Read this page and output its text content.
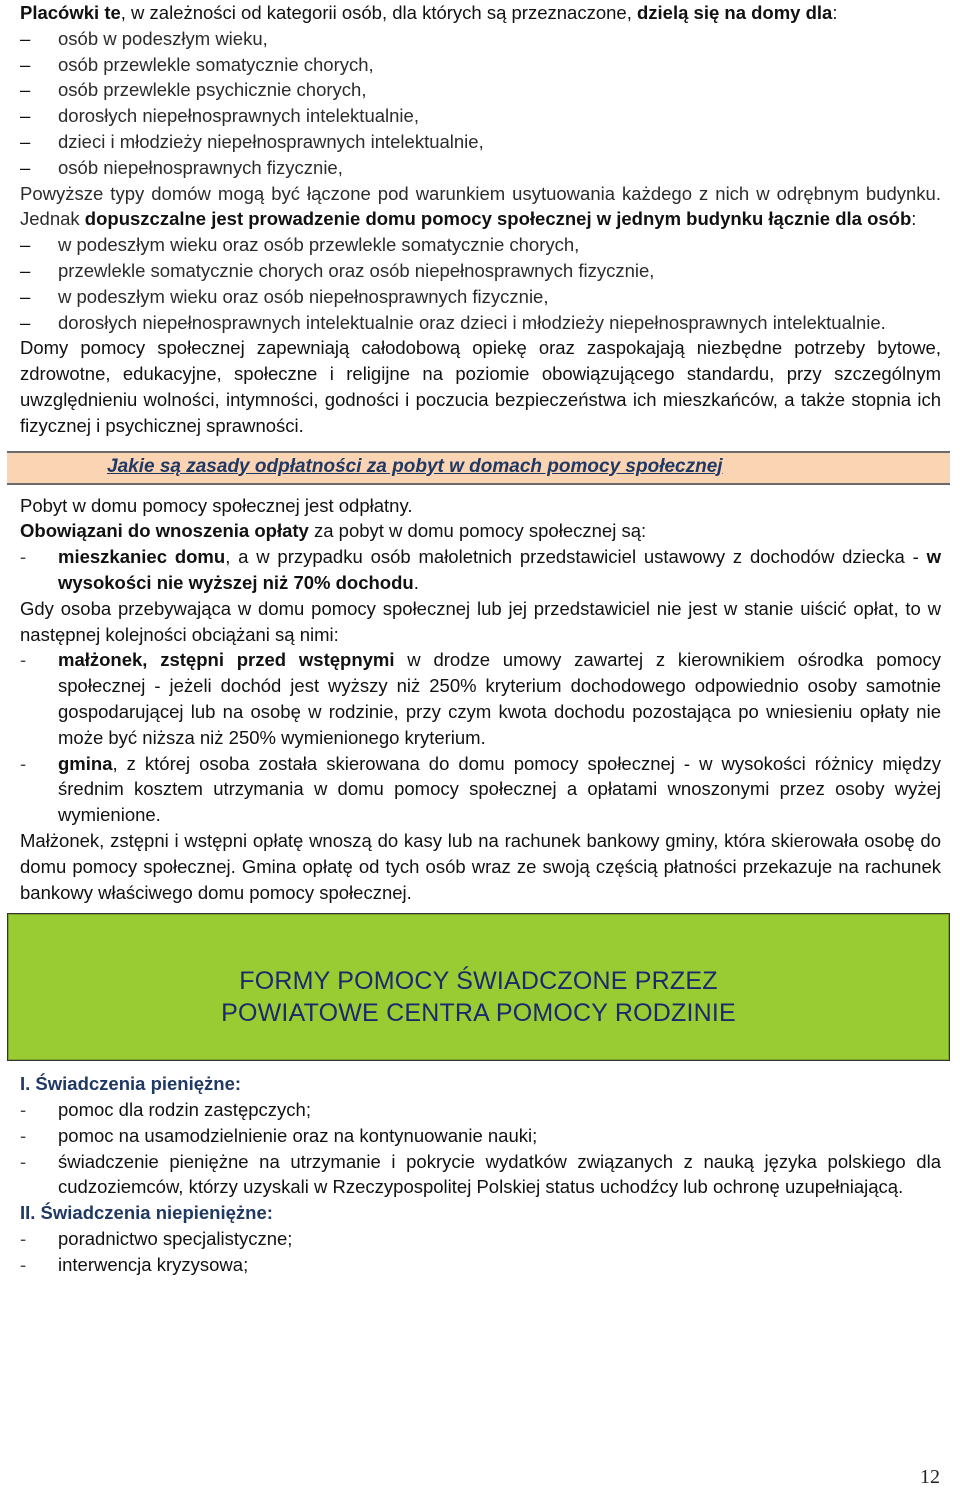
Placówki te, w zależności od kategorii osób, dla których są przeznaczone, dzielą się na domy dla:

– osób w podeszłym wieku,
– osób przewlekle somatycznie chorych,
– osób przewlekle psychicznie chorych,
– dorosłych niepełnosprawnych intelektualnie,
– dzieci i młodzieży niepełnosprawnych intelektualnie,
– osób niepełnosprawnych fizycznie,

Powyższe typy domów mogą być łączone pod warunkiem usytuowania każdego z nich w odrębnym budynku. Jednak dopuszczalne jest prowadzenie domu pomocy społecznej w jednym budynku łącznie dla osób:

– w podeszłym wieku oraz osób przewlekle somatycznie chorych,
– przewlekle somatycznie chorych oraz osób niepełnosprawnych fizycznie,
– w podeszłym wieku oraz osób niepełnosprawnych fizycznie,
– dorosłych niepełnosprawnych intelektualnie oraz dzieci i młodzieży niepełnosprawnych intelektualnie.

Domy pomocy społecznej zapewniają całodobową opiekę oraz zaspokajają niezbędne potrzeby bytowe, zdrowotne, edukacyjne, społeczne i religijne na poziomie obowiązującego standardu, przy szczególnym uwzględnieniu wolności, intymności, godności i poczucia bezpieczeństwa ich mieszkańców, a także stopnia ich fizycznej i psychicznej sprawności.

Jakie są zasady odpłatności za pobyt w domach pomocy społecznej

Pobyt w domu pomocy społecznej jest odpłatny.

Obowiązani do wnoszenia opłaty za pobyt w domu pomocy społecznej są:

- mieszkaniec domu, a w przypadku osób małoletnich przedstawiciel ustawowy z dochodów dziecka - w wysokości nie wyższej niż 70% dochodu.

Gdy osoba przebywająca w domu pomocy społecznej lub jej przedstawiciel nie jest w stanie uiścić opłat, to w następnej kolejności obciążani są nimi:

- małżonek, zstępni przed wstępnymi w drodze umowy zawartej z kierownikiem ośrodka pomocy społecznej - jeżeli dochód jest wyższy niż 250% kryterium dochodowego odpowiednio osoby samotnie gospodarującej lub na osobę w rodzinie, przy czym kwota dochodu pozostająca po wniesieniu opłaty nie może być niższa niż 250% wymienionego kryterium.
- gmina, z której osoba została skierowana do domu pomocy społecznej - w wysokości różnicy między średnim kosztem utrzymania w domu pomocy społecznej a opłatami wnoszonymi przez osoby wyżej wymienione.

Małżonek, zstępni i wstępni opłatę wnoszą do kasy lub na rachunek bankowy gminy, która skierowała osobę do domu pomocy społecznej. Gmina opłatę od tych osób wraz ze swoją częścią płatności przekazuje na rachunek bankowy właściwego domu pomocy społecznej.

FORMY POMOCY ŚWIADCZONE PRZEZ
POWIATOWE CENTRA POMOCY RODZINIE
I. Świadczenia pieniężne:
- pomoc dla rodzin zastępczych;
- pomoc na usamodzielnienie oraz na kontynuowanie nauki;
- świadczenie pieniężne na utrzymanie i pokrycie wydatków związanych z nauką języka polskiego dla cudzoziemców, którzy uzyskali w Rzeczypospolitej Polskiej status uchodźcy lub ochronę uzupełniającą.
II. Świadczenia niepieniężne:
- poradnictwo specjalistyczne;
- interwencja kryzysowa;
12
